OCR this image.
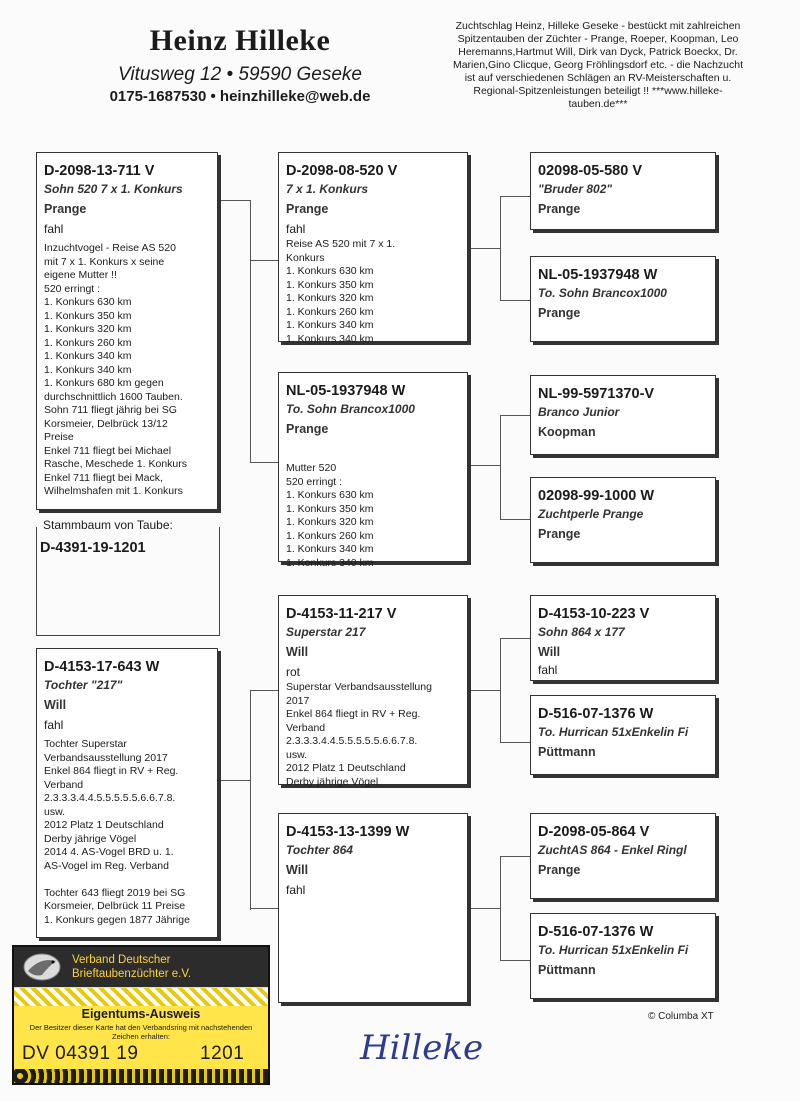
Heinz Hilleke
Vitusweg 12 • 59590 Geseke
0175-1687530 • heinzhilleke@web.de
Zuchtschlag Heinz, Hilleke Geseke - bestückt mit zahlreichen Spitzentauben der Züchter - Prange, Roeper, Koopman, Leo Heremanns,Hartmut Will, Dirk van Dyck, Patrick Boeckx, Dr. Marien,Gino Clicque, Georg Fröhlingsdorf etc. - die Nachzucht ist auf verschiedenen Schlägen an RV-Meisterschaften u. Regional-Spitzenleistungen beteiligt !! ***www.hilleke-tauben.de***
Stammbaum von Taube:
D-4391-19-1201
D-2098-13-711 V
Sohn 520 7 x 1. Konkurs
Prange
fahl
Inzuchtvogel - Reise AS 520
mit 7 x 1. Konkurs x seine
eigene Mutter !!
520 erringt :
1. Konkurs 630 km
1. Konkurs 350 km
1. Konkurs 320 km
1. Konkurs 260 km
1. Konkurs 340 km
1. Konkurs 340 km
1. Konkurs 680 km gegen
durchschnittlich 1600 Tauben.
Sohn 711 fliegt jährig bei SG
Korsmeier, Delbrück 13/12
Preise
Enkel 711 fliegt bei Michael
Rasche, Meschede 1. Konkurs
Enkel 711 fliegt bei Mack,
Wilhelmshafen mit 1. Konkurs
D-4153-17-643 W
Tochter "217"
Will
fahl
Tochter Superstar
Verbandsausstellung 2017
Enkel 864 fliegt in RV + Reg.
Verband
2.3.3.3.4.4.5.5.5.5.5.6.6.7.8.
usw.
2012 Platz 1 Deutschland
Derby jährige Vögel
2014 4. AS-Vogel BRD u. 1.
AS-Vogel im Reg. Verband

Tochter 643 fliegt 2019 bei SG
Korsmeier, Delbrück 11 Preise
1. Konkurs gegen 1877 Jährige
D-2098-08-520 V
7 x 1. Konkurs
Prange
fahl
Reise AS 520 mit 7 x 1.
Konkurs
1. Konkurs 630 km
1. Konkurs 350 km
1. Konkurs 320 km
1. Konkurs 260 km
1. Konkurs 340 km
1. Konkurs 340 km
NL-05-1937948 W
To. Sohn Brancox1000
Prange
Mutter 520
520 erringt :
1. Konkurs 630 km
1. Konkurs 350 km
1. Konkurs 320 km
1. Konkurs 260 km
1. Konkurs 340 km
1. Konkurs 340 km
D-4153-11-217 V
Superstar 217
Will
rot
Superstar Verbandsausstellung
2017
Enkel 864 fliegt in RV + Reg.
Verband
2.3.3.3.4.4.5.5.5.5.5.6.6.7.8.
usw.
2012 Platz 1 Deutschland
Derby jährige Vögel
D-4153-13-1399 W
Tochter 864
Will
fahl
02098-05-580 V
"Bruder 802"
Prange
NL-05-1937948 W
To. Sohn Brancox1000
Prange
NL-99-5971370-V
Branco Junior
Koopman
02098-99-1000 W
Zuchtperle Prange
Prange
D-4153-10-223 V
Sohn 864 x 177
Will
fahl
D-516-07-1376 W
To. Hurrican 51xEnkelin Fi
Püttmann
D-2098-05-864 V
ZuchtAS 864 - Enkel Ringl
Prange
D-516-07-1376 W
To. Hurrican 51xEnkelin Fi
Püttmann
Verband Deutscher
Brieftaubenzüchter e.V.
Eigentums-Ausweis
Der Besitzer dieser Karte hat den Verbandsring mit nachstehenden Zeichen erhalten:
DV 04391 19	1201	Hilleke
© Columba XT
